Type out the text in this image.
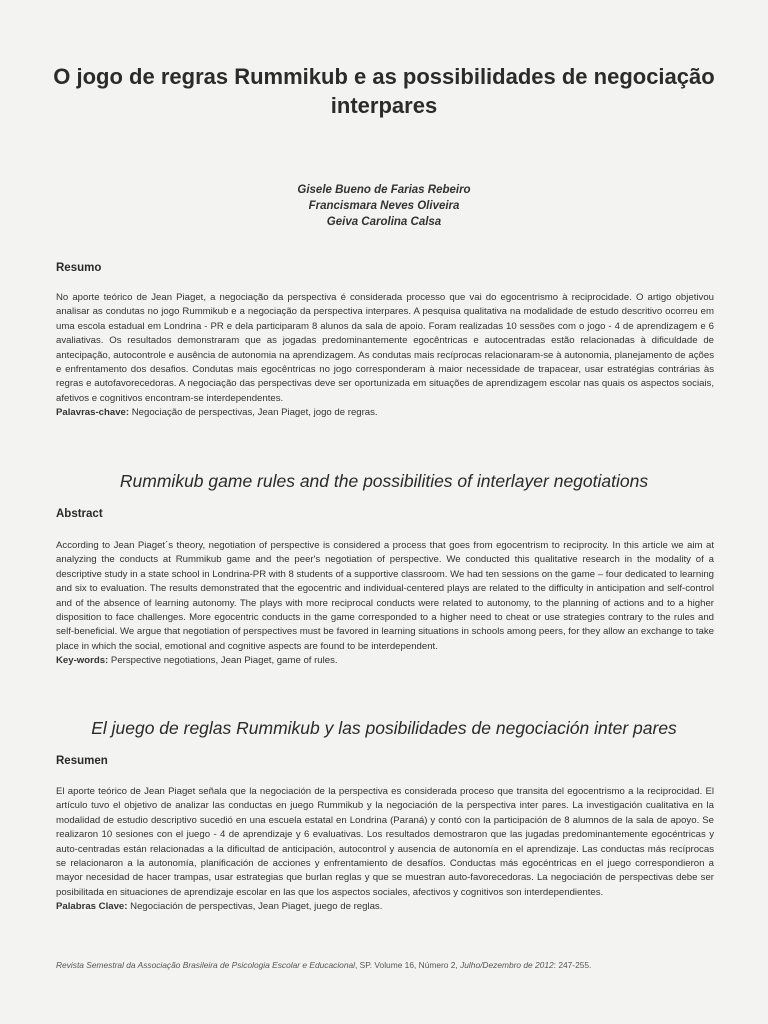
O jogo de regras Rummikub e as possibilidades de negociação interpares
Gisele Bueno de Farias Rebeiro
Francismara Neves Oliveira
Geiva Carolina Calsa
Resumo

No aporte teórico de Jean Piaget, a negociação da perspectiva é considerada processo que vai do egocentrismo à reciprocidade. O artigo objetivou analisar as condutas no jogo Rummikub e a negociação da perspectiva interpares. A pesquisa qualitativa na modalidade de estudo descritivo ocorreu em uma escola estadual em Londrina - PR e dela participaram 8 alunos da sala de apoio. Foram realizadas 10 sessões com o jogo - 4 de aprendizagem e 6 avaliativas. Os resultados demonstraram que as jogadas predominantemente egocêntricas e autocentradas estão relacionadas à dificuldade de antecipação, autocontrole e ausência de autonomia na aprendizagem. As condutas mais recíprocas relacionaram-se à autonomia, planejamento de ações e enfrentamento dos desafios. Condutas mais egocêntricas no jogo corresponderam à maior necessidade de trapacear, usar estratégias contrárias às regras e autofavorecedoras. A negociação das perspectivas deve ser oportunizada em situações de aprendizagem escolar nas quais os aspectos sociais, afetivos e cognitivos encontram-se interdependentes.

Palavras-chave: Negociação de perspectivas, Jean Piaget, jogo de regras.

Rummikub game rules and the possibilities of interlayer negotiations
Abstract

According to Jean Piaget´s theory, negotiation of perspective is considered a process that goes from egocentrism to reciprocity. In this article we aim at analyzing the conducts at Rummikub game and the peer's negotiation of perspective. We conducted this qualitative research in the modality of a descriptive study in a state school in Londrina-PR with 8 students of a supportive classroom. We had ten sessions on the game – four dedicated to learning and six to evaluation. The results demonstrated that the egocentric and individual-centered plays are related to the difficulty in anticipation and self-control and of the absence of learning autonomy. The plays with more reciprocal conducts were related to autonomy, to the planning of actions and to a higher disposition to face challenges. More egocentric conducts in the game corresponded to a higher need to cheat or use strategies contrary to the rules and self-beneficial. We argue that negotiation of perspectives must be favored in learning situations in schools among peers, for they allow an exchange to take place in which the social, emotional and cognitive aspects are found to be interdependent.

Key-words: Perspective negotiations, Jean Piaget, game of rules.

El juego de reglas Rummikub y las posibilidades de negociación inter pares
Resumen

El aporte teórico de Jean Piaget señala que la negociación de la perspectiva es considerada proceso que transita del egocentrismo a la reciprocidad. El artículo tuvo el objetivo de analizar las conductas en juego Rummikub y la negociación de la perspectiva inter pares. La investigación cualitativa en la modalidad de estudio descriptivo sucedió en una escuela estatal en Londrina (Paraná) y contó con la participación de 8 alumnos de la sala de apoyo. Se realizaron 10 sesiones con el juego - 4 de aprendizaje y 6 evaluativas. Los resultados demostraron que las jugadas predominantemente egocéntricas y auto-centradas están relacionadas a la dificultad de anticipación, autocontrol y ausencia de autonomía en el aprendizaje. Las conductas más recíprocas se relacionaron a la autonomía, planificación de acciones y enfrentamiento de desafíos. Conductas más egocéntricas en el juego correspondieron a mayor necesidad de hacer trampas, usar estrategias que burlan reglas y que se muestran auto-favorecedoras. La negociación de perspectivas debe ser posibilitada en situaciones de aprendizaje escolar en las que los aspectos sociales, afectivos y cognitivos son interdependientes.

Palabras Clave: Negociación de perspectivas, Jean Piaget, juego de reglas.

Revista Semestral da Associação Brasileira de Psicologia Escolar e Educacional, SP. Volume 16, Número 2, Julho/Dezembro de 2012: 247-255.
